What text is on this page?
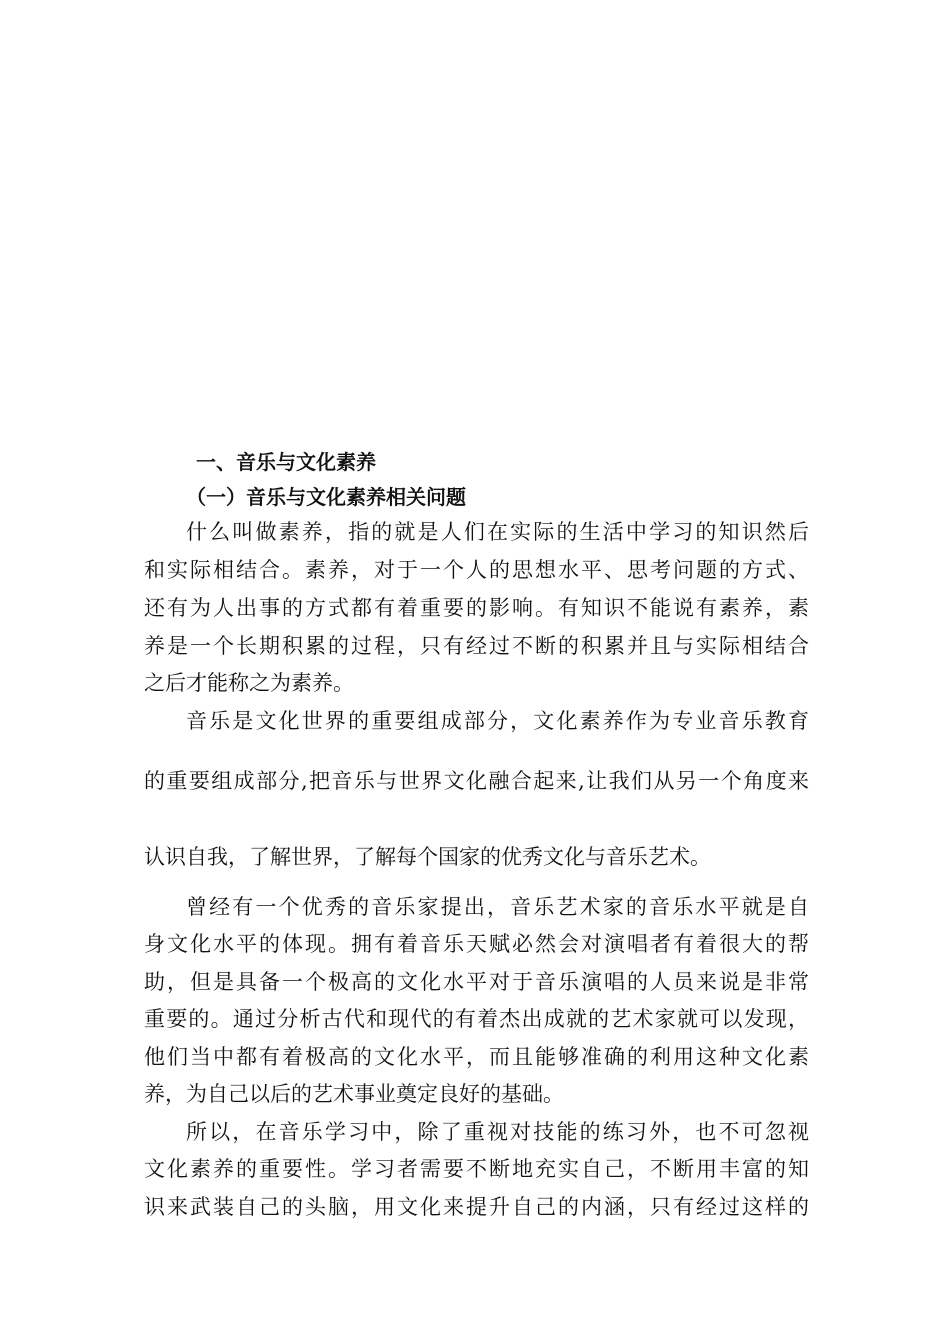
一、音乐与文化素养
（一）音乐与文化素养相关问题
什么叫做素养，指的就是人们在实际的生活中学习的知识然后
和实际相结合。素养，对于一个人的思想水平、思考问题的方式、
还有为人出事的方式都有着重要的影响。有知识不能说有素养，素
养是一个长期积累的过程，只有经过不断的积累并且与实际相结合
之后才能称之为素养。
音乐是文化世界的重要组成部分，文化素养作为专业音乐教育
的重要组成部分,把音乐与世界文化融合起来,让我们从另一个角度来
认识自我，了解世界，了解每个国家的优秀文化与音乐艺术。
曾经有一个优秀的音乐家提出，音乐艺术家的音乐水平就是自
身文化水平的体现。拥有着音乐天赋必然会对演唱者有着很大的帮
助，但是具备一个极高的文化水平对于音乐演唱的人员来说是非常
重要的。通过分析古代和现代的有着杰出成就的艺术家就可以发现，
他们当中都有着极高的文化水平，而且能够准确的利用这种文化素
养，为自己以后的艺术事业奠定良好的基础。
所以，在音乐学习中，除了重视对技能的练习外，也不可忽视
文化素养的重要性。学习者需要不断地充实自己，不断用丰富的知
识来武装自己的头脑，用文化来提升自己的内涵，只有经过这样的
